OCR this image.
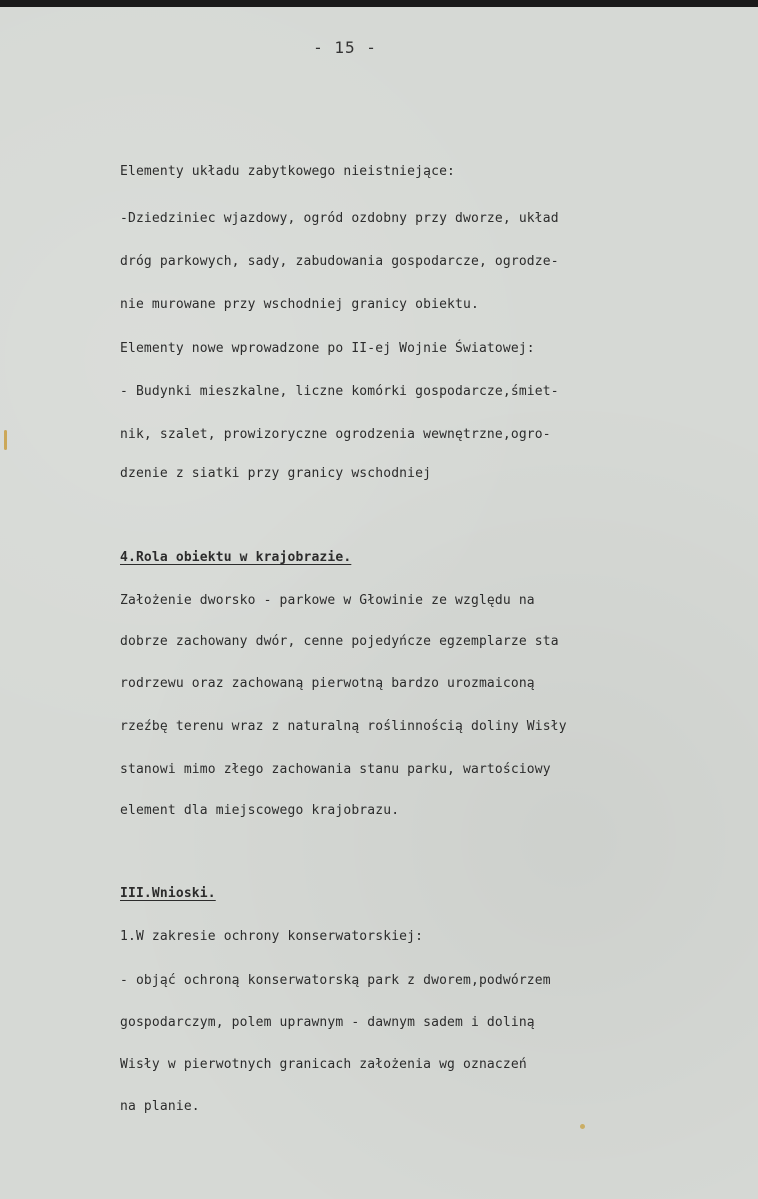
- 15 -
Elementy układu zabytkowego nieistniejące:
-Dziedziniec wjazdowy, ogród ozdobny przy dworze, układ
dróg parkowych, sady, zabudowania gospodarcze, ogrodze-
nie murowane przy wschodniej granicy obiektu.
Elementy nowe wprowadzone po II-ej Wojnie Światowej:
- Budynki mieszkalne, liczne komórki gospodarcze,śmiet-
nik, szalet, prowizoryczne ogrodzenia wewnętrzne,ogro-
dzenie z siatki przy granicy wschodniej
4.Rola obiektu w krajobrazie.
Założenie dworsko - parkowe w Głowinie ze względu na
dobrze zachowany dwór, cenne pojedyńcze egzemplarze sta
rodrzewu oraz zachowaną pierwotną bardzo urozmaiconą
rzeźbę terenu wraz z naturalną roślinnością doliny Wisły
stanowi mimo złego zachowania stanu parku, wartościowy
element dla miejscowego krajobrazu.
III.Wnioski.
1.W zakresie ochrony konserwatorskiej:
- objąć ochroną konserwatorską park z dworem,podwórzem
gospodarczym, polem uprawnym - dawnym sadem i doliną
Wisły w pierwotnych granicach założenia wg oznaczeń
na planie.
